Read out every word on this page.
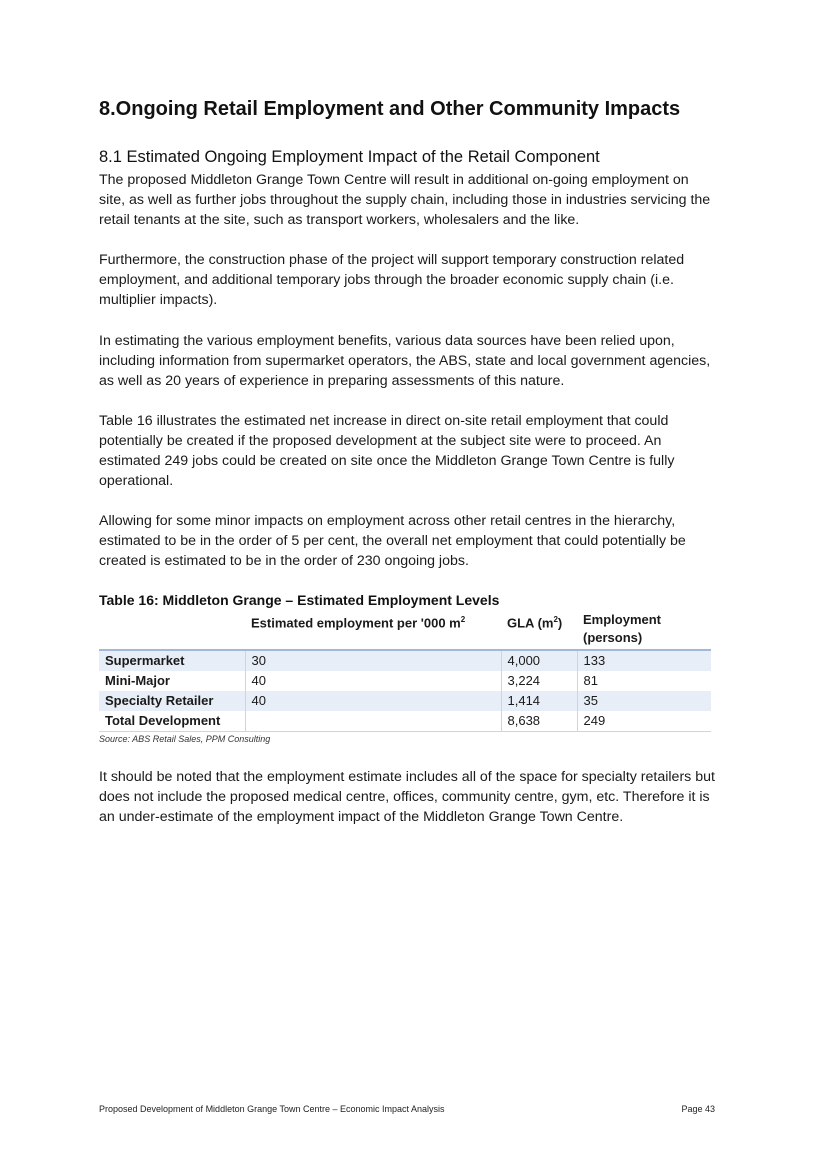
8.Ongoing Retail Employment and Other Community Impacts
8.1 Estimated Ongoing Employment Impact of the Retail Component

The proposed Middleton Grange Town Centre will result in additional on-going employment on site, as well as further jobs throughout the supply chain, including those in industries servicing the retail tenants at the site, such as transport workers, wholesalers and the like.

Furthermore, the construction phase of the project will support temporary construction related employment, and additional temporary jobs through the broader economic supply chain (i.e. multiplier impacts).

In estimating the various employment benefits, various data sources have been relied upon, including information from supermarket operators, the ABS, state and local government agencies, as well as 20 years of experience in preparing assessments of this nature.

Table 16 illustrates the estimated net increase in direct on-site retail employment that could potentially be created if the proposed development at the subject site were to proceed. An estimated 249 jobs could be created on site once the Middleton Grange Town Centre is fully operational.

Allowing for some minor impacts on employment across other retail centres in the hierarchy, estimated to be in the order of 5 per cent, the overall net employment that could potentially be created is estimated to be in the order of 230 ongoing jobs.

Table 16: Middleton Grange – Estimated Employment Levels

	Estimated employment per '000 $m^2$	GLA $(m^2)$	Employment (persons)
Supermarket	30	4,000	133
Mini-Major	40	3,224	81
Specialty Retailer	40	1,414	35
Total Development		8,638	249

Source: ABS Retail Sales, PPM Consulting

It should be noted that the employment estimate includes all of the space for specialty retailers but does not include the proposed medical centre, offices, community centre, gym, etc. Therefore it is an under-estimate of the employment impact of the Middleton Grange Town Centre.

Proposed Development of Middleton Grange Town Centre – Economic Impact Analysis	Page 43
